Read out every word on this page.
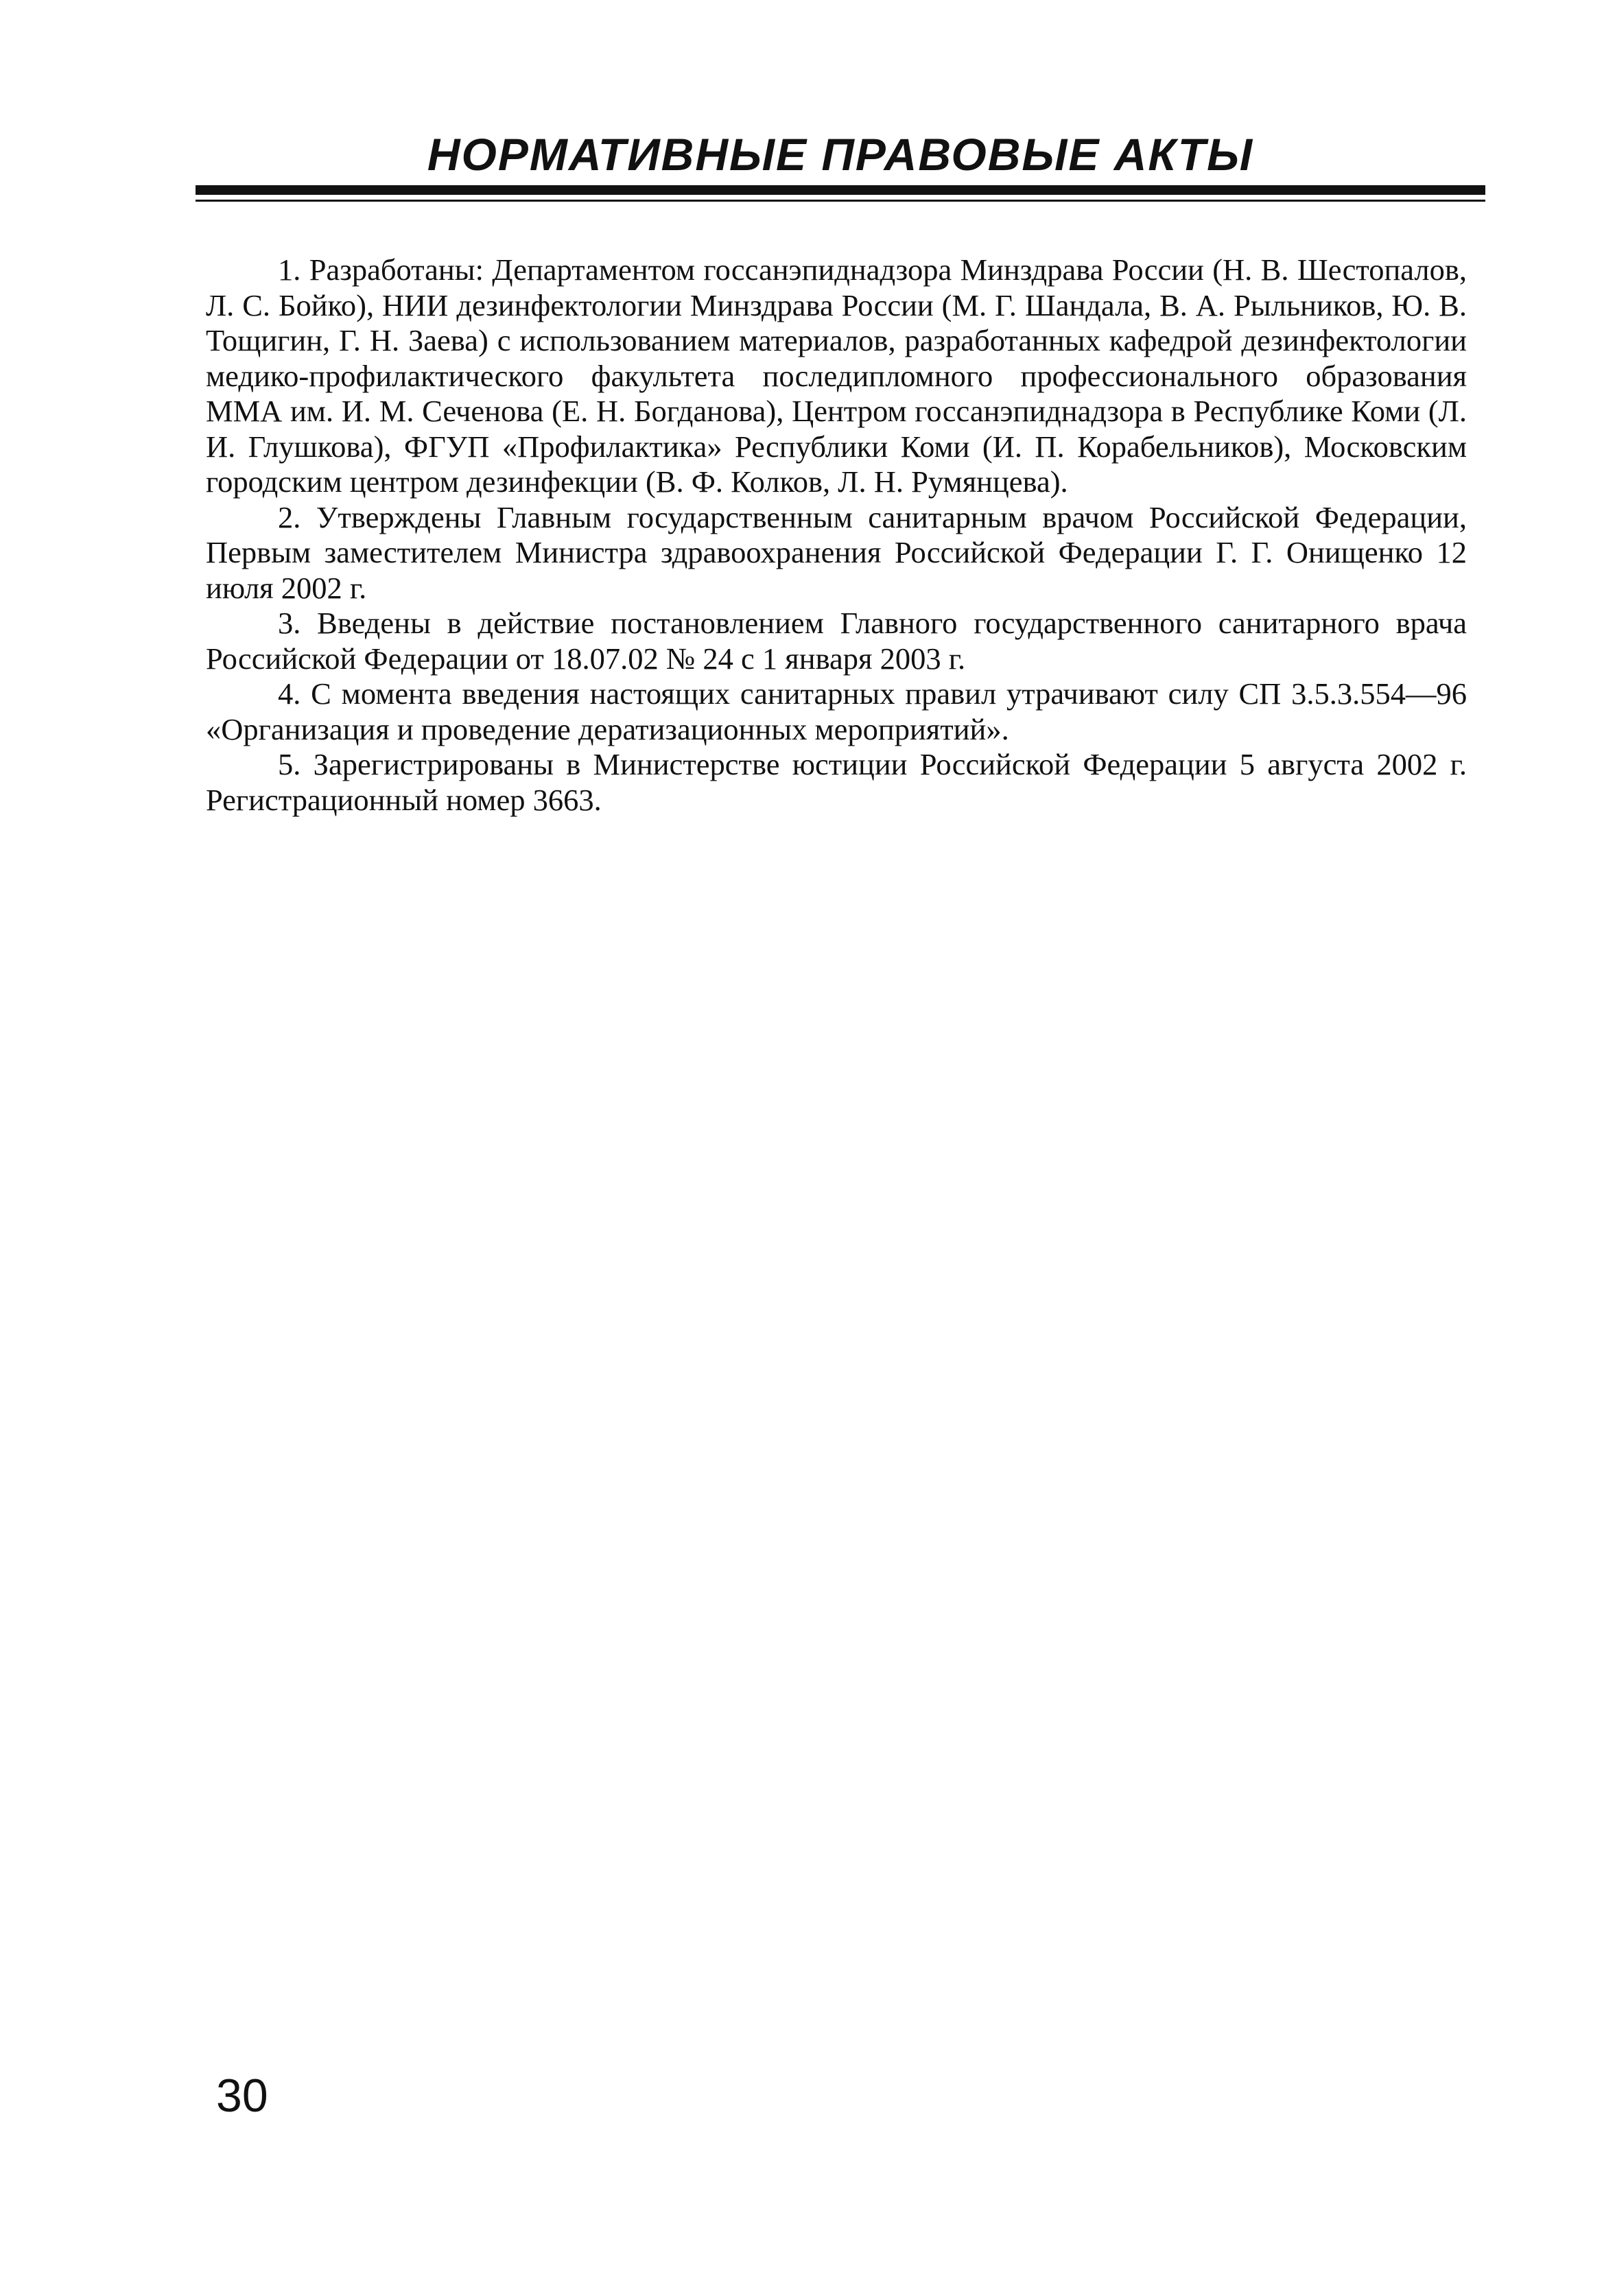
НОРМАТИВНЫЕ ПРАВОВЫЕ АКТЫ

1. Разработаны: Департаментом госсанэпиднадзора Минздрава России (Н. В. Шестопалов, Л. С. Бойко), НИИ дезинфектологии Минздрава России (М. Г. Шандала, В. А. Рыльников, Ю. В. Тощигин, Г. Н. Заева) с использованием материалов, разработанных кафедрой дезинфектологии медико-профилактического факультета последипломного профессионального образования ММА им. И. М. Сеченова (Е. Н. Богданова), Центром госсанэпиднадзора в Республике Коми (Л. И. Глушкова), ФГУП «Профилактика» Республики Коми (И. П. Корабельников), Московским городским центром дезинфекции (В. Ф. Колков, Л. Н. Румянцева).

2. Утверждены Главным государственным санитарным врачом Российской Федерации, Первым заместителем Министра здравоохранения Российской Федерации Г. Г. Онищенко 12 июля 2002 г.

3. Введены в действие постановлением Главного государственного санитарного врача Российской Федерации от 18.07.02 № 24 с 1 января 2003 г.

4. С момента введения настоящих санитарных правил утрачивают силу СП 3.5.3.554—96 «Организация и проведение дератизационных мероприятий».

5. Зарегистрированы в Министерстве юстиции Российской Федерации 5 августа 2002 г. Регистрационный номер 3663.

30
